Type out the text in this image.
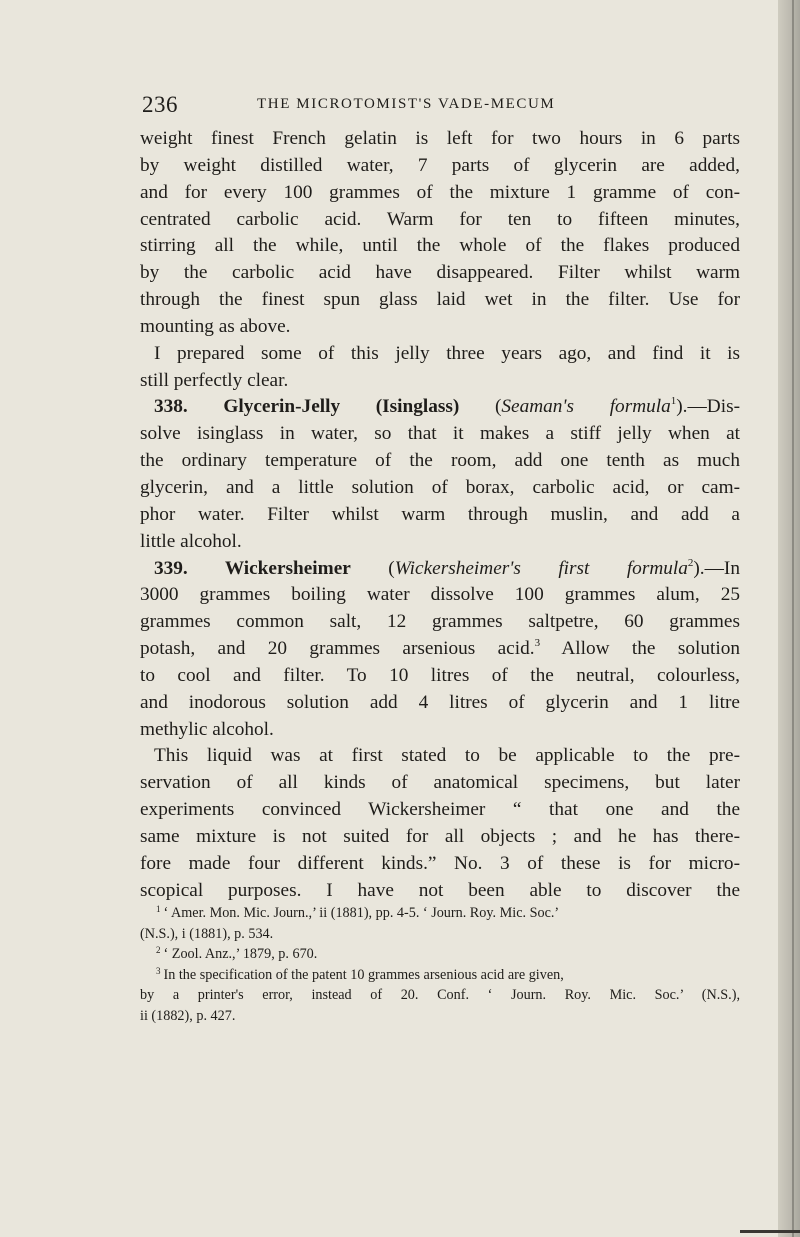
236	THE MICROTOMIST'S VADE-MECUM
weight finest French gelatin is left for two hours in 6 parts
by weight distilled water, 7 parts of glycerin are added,
and for every 100 grammes of the mixture 1 gramme of con-
centrated carbolic acid. Warm for ten to fifteen minutes,
stirring all the while, until the whole of the flakes produced
by the carbolic acid have disappeared. Filter whilst warm
through the finest spun glass laid wet in the filter. Use for
mounting as above.
I prepared some of this jelly three years ago, and find it is
still perfectly clear.
338. Glycerin-Jelly (Isinglass) (Seaman's formula$^1$).—Dis-
solve isinglass in water, so that it makes a stiff jelly when at
the ordinary temperature of the room, add one tenth as much
glycerin, and a little solution of borax, carbolic acid, or cam-
phor water. Filter whilst warm through muslin, and add a
little alcohol.
339. Wickersheimer (Wickersheimer's first formula$^2$).—In
3000 grammes boiling water dissolve 100 grammes alum, 25
grammes common salt, 12 grammes saltpetre, 60 grammes
potash, and 20 grammes arsenious acid.$^3$ Allow the solution
to cool and filter. To 10 litres of the neutral, colourless,
and inodorous solution add 4 litres of glycerin and 1 litre
methylic alcohol.
This liquid was at first stated to be applicable to the pre-
servation of all kinds of anatomical specimens, but later
experiments convinced Wickersheimer “ that one and the
same mixture is not suited for all objects ; and he has there-
fore made four different kinds.” No. 3 of these is for micro-
scopical purposes. I have not been able to discover the
$^1$ ‘ Amer. Mon. Mic. Journ.,’ ii (1881), pp. 4-5. ‘ Journ. Roy. Mic. Soc.’
(N.S.), i (1881), p. 534.
$^2$ ‘ Zool. Anz.,’ 1879, p. 670.
$^3$ In the specification of the patent 10 grammes arsenious acid are given,
by a printer's error, instead of 20. Conf. ‘ Journ. Roy. Mic. Soc.’ (N.S.),
ii (1882), p. 427.
